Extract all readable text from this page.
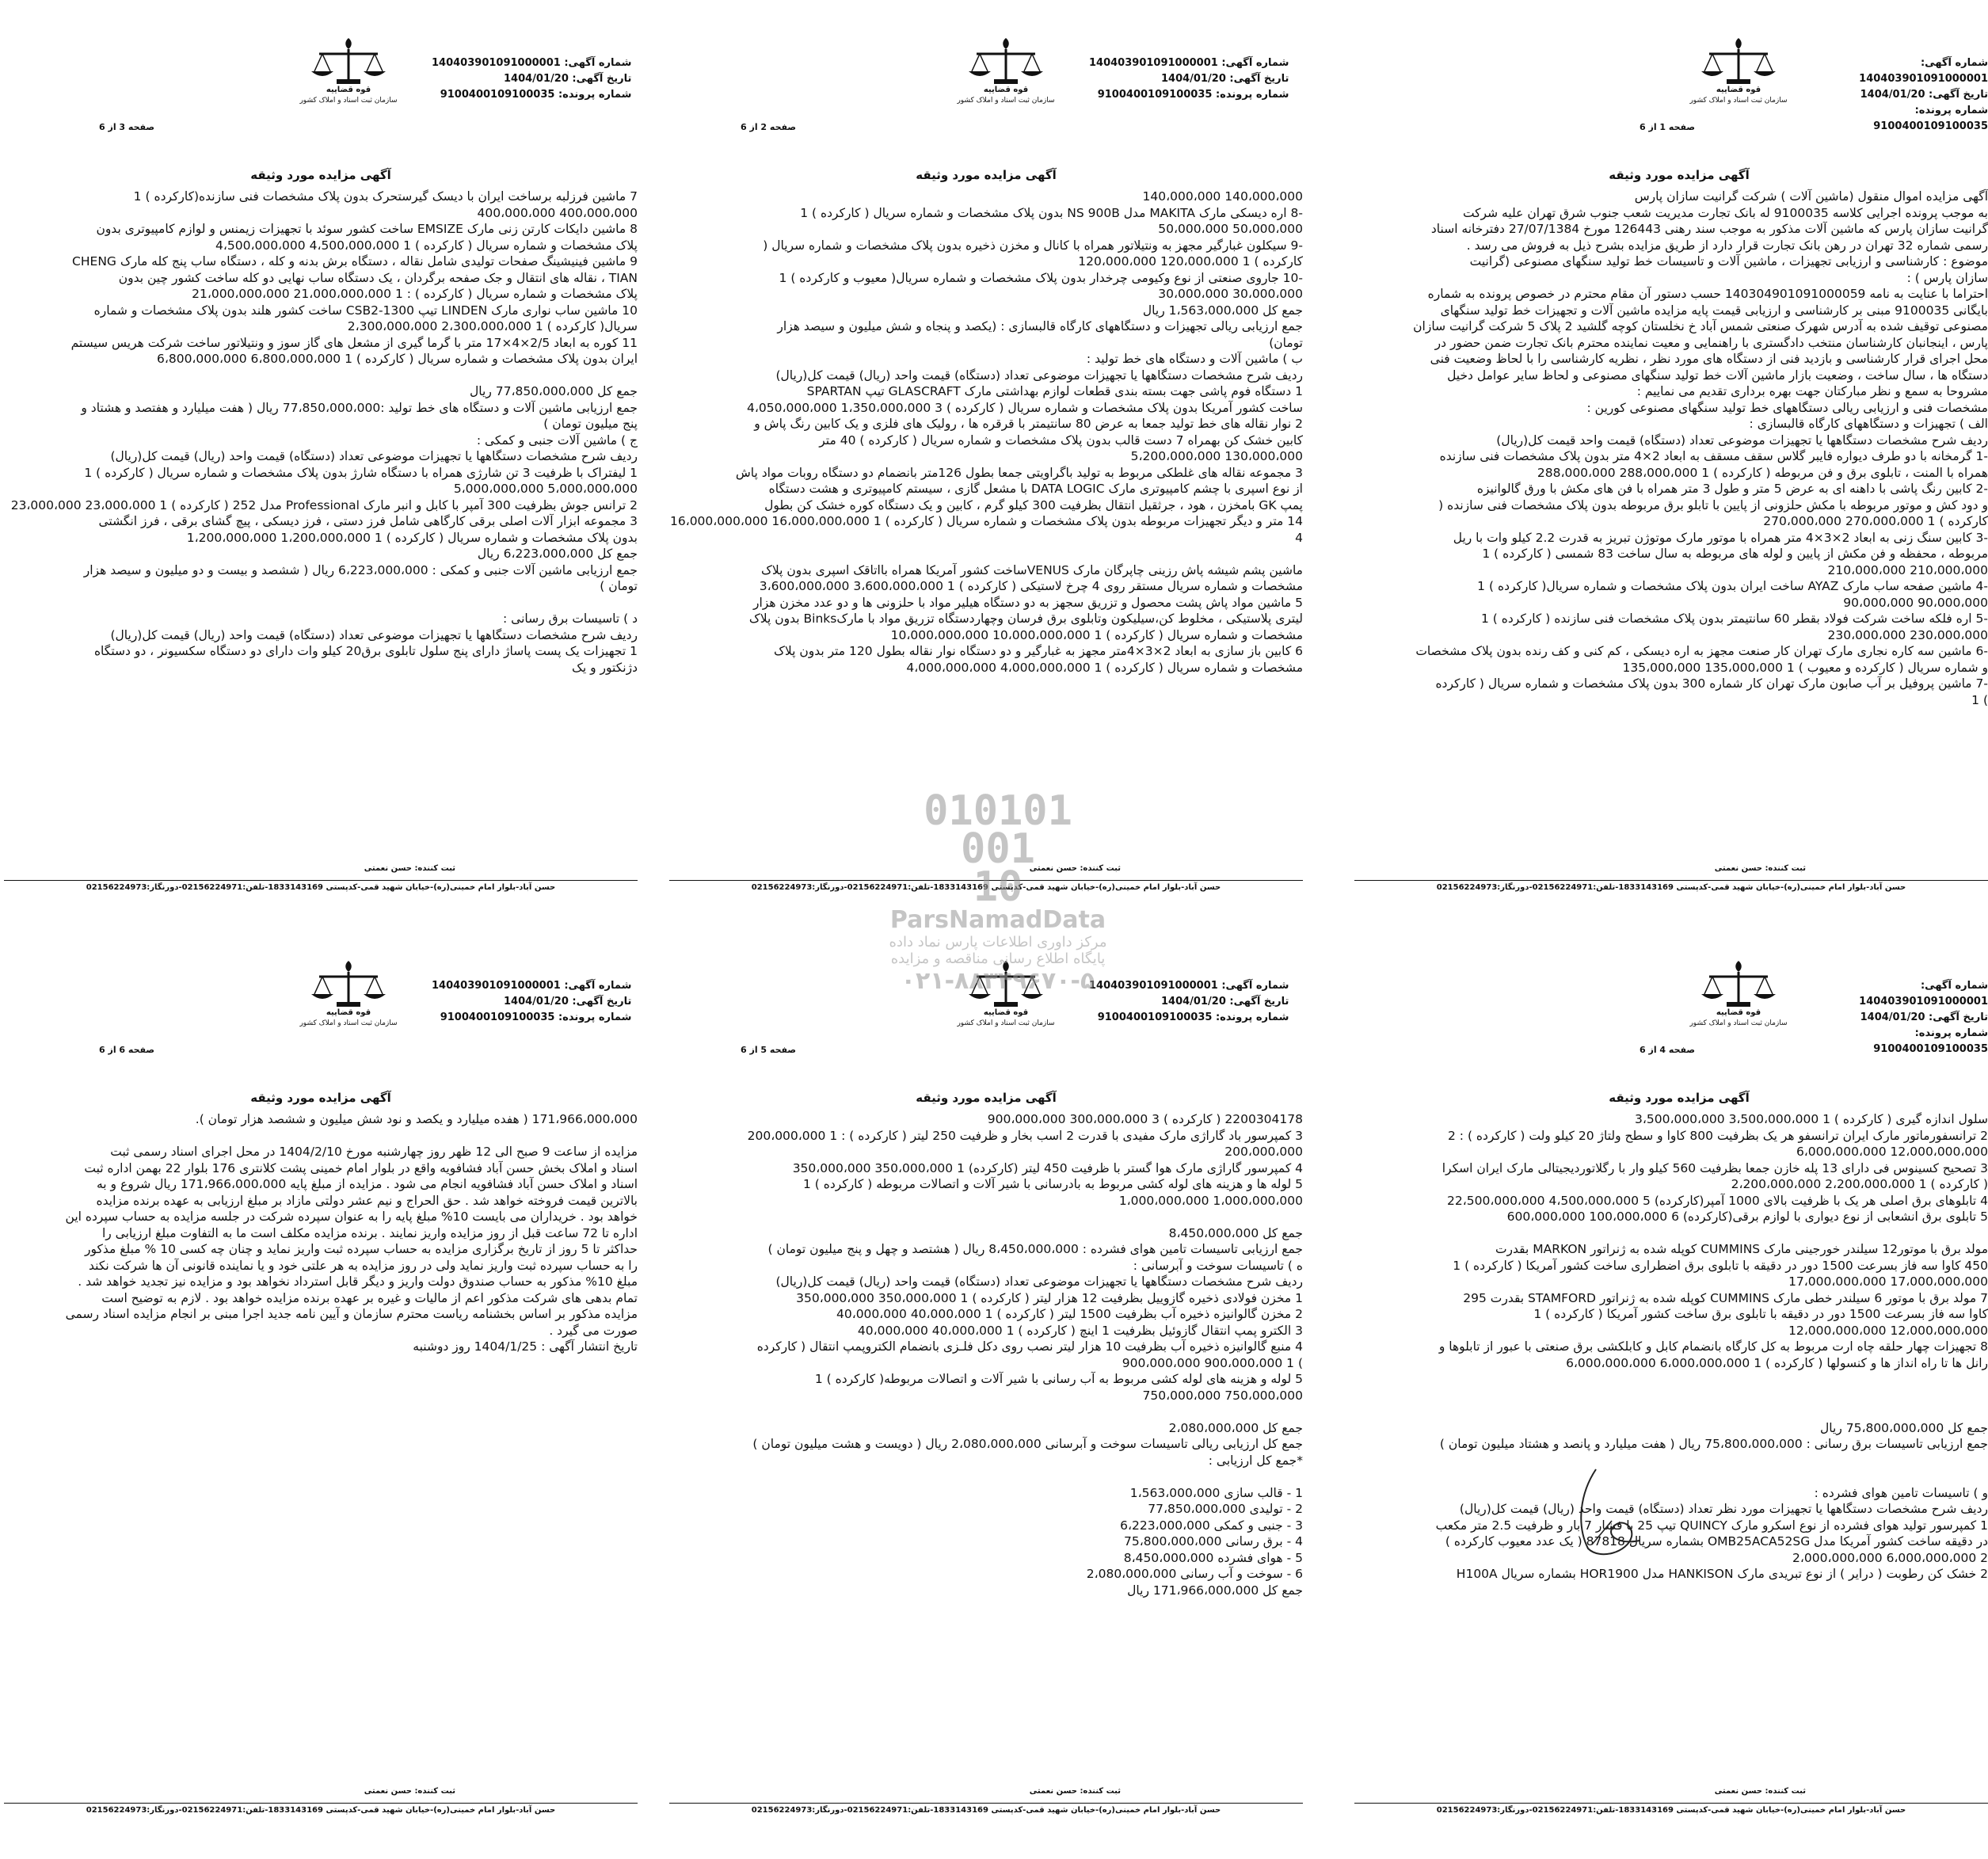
شماره آگهی: 140403901091000001
تاریخ آگهی: 1404/01/20
شماره پرونده: 9100400109100035
قوه قضاییه
سازمان ثبت اسناد و املاک کشور
صفحه 1 از 6
آگهی مزایده مورد وثیقه
آگهی مزایده اموال منقول (ماشین آلات ) شرکت گرانیت سازان پارس
به موجب پرونده اجرایی کلاسه 9100035 له بانک تجارت مدیریت شعب جنوب شرق تهران علیه شرکت
گرانیت سازان پارس که ماشین آلات مذکور به موجب سند رهنی 126443 مورخ 27/07/1384 دفترخانه اسناد
رسمی شماره 32 تهران در رهن بانک تجارت قرار دارد از طریق مزایده بشرح ذیل به فروش می رسد .
موضوع : کارشناسی و ارزیابی تجهیزات ، ماشین آلات و تاسیسات خط تولید سنگهای مصنوعی (گرانیت
سازان پارس ) :
احتراما با عنایت به نامه 140304901091000059 حسب دستور آن مقام محترم در خصوص پرونده به شماره
بایگانی 9100035 مبنی بر کارشناسی و ارزیابی قیمت پایه مزایده ماشین آلات و تجهیزات خط تولید سنگهای
مصنوعی توقیف شده به آدرس شهرک صنعتی شمس آباد خ نخلستان کوچه گلشید 2 پلاک 5 شرکت گرانیت سازان
پارس ، اینجانبان کارشناسان منتخب دادگستری با راهنمایی و معیت نماینده محترم بانک تجارت ضمن حضور در
محل اجرای قرار کارشناسی و بازدید فنی از دستگاه های مورد نظر ، نظریه کارشناسی را با لحاظ وضعیت فنی
دستگاه ها ، سال ساخت ، وضعیت بازار ماشین آلات خط تولید سنگهای مصنوعی و لحاظ سایر عوامل دخیل
مشروحا به سمع و نظر مبارکتان جهت بهره برداری تقدیم می نماییم :
مشخصات فنی و ارزیابی ریالی دستگاههای خط تولید سنگهای مصنوعی کورین :
الف ) تجهیزات و دستگاههای کارگاه قالبسازی :
ردیف شرح مشخصات دستگاهها یا تجهیزات موضوعی تعداد (دستگاه) قیمت واحد قیمت کل(ریال)
-1 گرمخانه با دو طرف دیواره فایبر گلاس سقف مسقف به ابعاد 2×4 متر بدون پلاک مشخصات فنی سازنده
همراه با المنت ، تابلوی برق و فن مربوطه ( کارکرده ) 1 288،000،000 288،000،000
-2 کابین رنگ پاشی با داهنه ای به عرض 5 متر و طول 3 متر همراه با فن های مکش با ورق گالوانیزه
و دود کش و موتور مربوطه با مکش حلزونی از پایین با تابلو برق مربوطه بدون پلاک مشخصات فنی سازنده (
کارکرده ) 1 270،000،000 270،000،000
-3 کابین سنگ زنی به ابعاد 2×3×4 متر همراه با موتور مارک موتوژن تبریز به قدرت 2.2 کیلو وات با ریل
مربوطه ، محفظه و فن مکش از پایین و لوله های مربوطه به سال ساخت 83 شمسی ( کارکرده ) 1
210،000،000 210،000،000
-4 ماشین صفحه ساب مارک AYAZ ساخت ایران بدون پلاک مشخصات و شماره سریال( کارکرده ) 1
90،000،000 90،000،000
-5 اره فلکه ساخت شرکت فولاد بقطر 60 سانتیمتر بدون پلاک مشخصات فنی سازنده ( کارکرده ) 1
230،000،000 230،000،000
-6 ماشین سه کاره نجاری مارک تهران کار صنعت مجهز به اره دیسکی ، کم کنی و کف رنده بدون پلاک مشخصات
و شماره سریال ( کارکرده و معیوب ) 1 135،000،000 135،000،000
-7 ماشین پروفیل بر آب صابون مارک تهران کار شماره 300 بدون پلاک مشخصات و شماره سریال ( کارکرده
) 1
ثبت کننده: حسن نعمتی
حسن آباد-بلوار امام خمینی(ره)-خیابان شهید قمی-کدپستی 1833143169-تلفن:02156224971-دورنگار:02156224973
شماره آگهی: 140403901091000001
تاریخ آگهی: 1404/01/20
شماره پرونده: 9100400109100035
قوه قضاییه
سازمان ثبت اسناد و املاک کشور
صفحه 2 از 6
آگهی مزایده مورد وثیقه
140،000،000 140،000،000
-8 اره دیسکی مارک MAKITA مدل NS 900B بدون پلاک مشخصات و شماره سریال ( کارکرده ) 1
50،000،000 50،000،000
-9 سیکلون غبارگیر مجهز به ونتیلاتور همراه با کانال و مخزن ذخیره بدون پلاک مشخصات و شماره سریال (
کارکرده ) 1 120،000،000 120،000،000
-10 جاروی صنعتی از نوع وکیومی چرخدار بدون پلاک مشخصات و شماره سریال( معیوب و کارکرده ) 1
30،000،000 30،000،000
جمع کل 1،563،000،000 ریال
جمع ارزیابی ریالی تجهیزات و دستگاههای کارگاه قالبسازی : (یکصد و پنجاه و شش میلیون و سیصد هزار
تومان)
ب ) ماشین آلات و دستگاه های خط تولید :
ردیف شرح مشخصات دستگاهها یا تجهیزات موضوعی تعداد (دستگاه) قیمت واحد (ریال) قیمت کل(ریال)
1 دستگاه فوم پاشی جهت بسته بندی قطعات لوازم بهداشتی مارک GLASCRAFT تیپ SPARTAN
ساخت کشور آمریکا بدون پلاک مشخصات و شماره سریال ( کارکرده ) 3 1،350،000،000 4،050،000،000
2 نوار نقاله های خط تولید جمعا به عرض 80 سانتیمتر با قرقره ها ، رولیک های فلزی و یک کابین رنگ پاش و
کابین خشک کن بهمراه 7 دست قالب بدون پلاک مشخصات و شماره سریال ( کارکرده ) 40 متر
130،000،000 5،200،000،000
3 مجموعه نقاله های غلطکی مربوط به تولید باگراویتی جمعا بطول 126متر بانضمام دو دستگاه روبات مواد پاش
از نوع اسپری با چشم کامپیوتری مارک DATA LOGIC با مشعل گازی ، سیستم کامپیوتری و هشت دستگاه
پمپ GK بامخزن ، هود ، جرثقیل انتقال بظرفیت 300 کیلو گرم ، کابین و یک دستگاه کوره خشک کن بطول
14 متر و دیگر تجهیزات مربوطه بدون پلاک مشخصات و شماره سریال ( کارکرده ) 1 16،000،000،000 16،000،000،000
4

ماشین پشم شیشه پاش رزینی چاپرگان مارک VENUSساخت کشور آمریکا همراه بااتاقک اسپری بدون پلاک
مشخصات و شماره سریال مستقر روی 4 چرخ لاستیکی ( کارکرده ) 1 3،600،000،000 3،600،000،000
5 ماشین مواد پاش پشت محصول و تزریق سجهز به دو دستگاه هیلیر مواد با حلزونی ها و دو عدد مخزن هزار
لیتری پلاستیکی ، مخلوط کن،سیلیکون وتابلوی برق فرسان وچهاردستگاه تزریق مواد با مارکBinks بدون پلاک
مشخصات و شماره سریال ( کارکرده ) 1 10،000،000،000 10،000،000،000
6 کابین باز سازی به ابعاد 2×3×4متر مجهز به غبارگیر و دو دستگاه نوار نقاله بطول 120 متر بدون پلاک
مشخصات و شماره سریال ( کارکرده ) 1 4،000،000،000 4،000،000،000
ثبت کننده: حسن نعمتی
حسن آباد-بلوار امام خمینی(ره)-خیابان شهید قمی-کدپستی 1833143169-تلفن:02156224971-دورنگار:02156224973
شماره آگهی: 140403901091000001
تاریخ آگهی: 1404/01/20
شماره پرونده: 9100400109100035
قوه قضاییه
سازمان ثبت اسناد و املاک کشور
صفحه 3 از 6
آگهی مزایده مورد وثیقه
7 ماشین فرزلبه برساخت ایران با دیسک گیرستحرک بدون پلاک مشخصات فنی سازنده(کارکرده ) 1
400،000،000 400،000،000
8 ماشین دایکات کارتن زنی مارک EMSIZE ساخت کشور سوئد با تجهیزات زیمنس و لوازم کامپیوتری بدون
پلاک مشخصات و شماره سریال ( کارکرده ) 1 4،500،000،000 4،500،000،000
9 ماشین فینیشینگ صفحات تولیدی شامل نقاله ، دستگاه برش بدنه و کله ، دستگاه ساب پنج کله مارک CHENG
TIAN ، نقاله های انتقال و جک صفحه برگردان ، یک دستگاه ساب نهایی دو کله ساخت کشور چین بدون
پلاک مشخصات و شماره سریال ( کارکرده ) : 1 21،000،000،000 21،000،000،000
10 ماشین ساب نواری مارک LINDEN تیپ CSB2-1300 ساخت کشور هلند بدون پلاک مشخصات و شماره
سریال( کارکرده ) 1 2،300،000،000 2،300،000،000
11 کوره به ابعاد 2/5×4×17 متر با گرما گیری از مشعل های گاز سوز و ونتیلاتور ساخت شرکت هریس سیستم
ایران بدون پلاک مشخصات و شماره سریال ( کارکرده ) 1 6،800،000،000 6،800،000،000

جمع کل 77،850،000،000 ریال
جمع ارزیابی ماشین آلات و دستگاه های خط تولید :77،850،000،000 ریال ( هفت میلیارد و هفتصد و هشتاد و
پنج میلیون تومان )
ج ) ماشین آلات جنبی و کمکی :
ردیف شرح مشخصات دستگاهها یا تجهیزات موضوعی تعداد (دستگاه) قیمت واحد (ریال) قیمت کل(ریال)
1 لیفتراک با ظرفیت 3 تن شارژی همراه با دستگاه شارژ بدون پلاک مشخصات و شماره سریال ( کارکرده ) 1
5،000،000،000 5،000،000،000
2 ترانس جوش بظرفیت 300 آمپر با کابل و انبر مارک Professional مدل 252 ( کارکرده ) 1 23،000،000 23،000،000
3 مجموعه ابزار آلات اصلی برقی کارگاهی شامل فرز دستی ، فرز دیسکی ، پیچ گشای برقی ، فرز انگشتی
بدون پلاک مشخصات و شماره سریال ( کارکرده ) 1 1،200،000،000 1،200،000،000
جمع کل 6،223،000،000 ریال
جمع ارزیابی ماشین آلات جنبی و کمکی : 6،223،000،000 ریال ( ششصد و بیست و دو میلیون و سیصد هزار
تومان )

د ) تاسیسات برق رسانی :
ردیف شرح مشخصات دستگاهها یا تجهیزات موضوعی تعداد (دستگاه) قیمت واحد (ریال) قیمت کل(ریال)
1 تجهیزات یک پست پاساژ دارای پنج سلول تابلوی برق20 کیلو وات دارای دو دستگاه سکسیونر ، دو دستگاه
دژنکتور و یک
ثبت کننده: حسن نعمتی
حسن آباد-بلوار امام خمینی(ره)-خیابان شهید قمی-کدپستی 1833143169-تلفن:02156224971-دورنگار:02156224973
شماره آگهی: 140403901091000001
تاریخ آگهی: 1404/01/20
شماره پرونده: 9100400109100035
قوه قضاییه
سازمان ثبت اسناد و املاک کشور
صفحه 4 از 6
آگهی مزایده مورد وثیقه
سلول اندازه گیری ( کارکرده ) 1 3،500،000،000 3،500،000،000
2 ترانسفورماتور مارک ایران ترانسفو هر یک بظرفیت 800 کاوا و سطح ولتاژ 20 کیلو ولت ( کارکرده ) : 2
12،000،000،000 6،000،000،000
3 تصحیح کسینوس فی دارای 13 پله خازن جمعا بظرفیت 560 کیلو وار با رگلاتوردیجیتالی مارک ایران اسکرا
( کارکرده ) 1 2،200،000،000 2،200،000،000
4 تابلوهای برق اصلی هر یک با ظرفیت بالای 1000 آمپر(کارکرده) 5 4،500،000،000 22،500،000،000
5 تابلوی برق انشعابی از نوع دیواری با لوازم برقی(کارکرده) 6 100،000،000 600،000،000

مولد برق با موتور12 سیلندر خورجینی مارک CUMMINS کوپله شده به ژنراتور MARKON بقدرت
450 کاوا سه فاز بسرعت 1500 دور در دقیقه با تابلوی برق اضطراری ساخت کشور آمریکا ( کارکرده ) 1
17،000،000،000 17،000،000،000
7 مولد برق با موتور 6 سیلندر خطی مارک CUMMINS کوپله شده به ژنراتور STAMFORD بقدرت 295
کاوا سه فاز بسرعت 1500 دور در دقیقه با تابلوی برق ساخت کشور آمریکا ( کارکرده ) 1
12،000،000،000 12،000،000،000
8 تجهیزات چهار حلقه چاه ارت مربوط به کل کارگاه بانضمام کابل و کابلکشی برق صنعتی با عبور از تابلوها و
رانل ها تا راه انداز ها و کنسولها ( کارکرده ) 1 6،000،000،000 6،000،000،000

جمع کل 75،800،000،000 ریال
جمع ارزیابی تاسیسات برق رسانی : 75،800،000،000 ریال ( هفت میلیارد و پانصد و هشتاد میلیون تومان )

و ) تاسیسات تامین هوای فشرده :
ردیف شرح مشخصات دستگاهها یا تجهیزات مورد نظر تعداد (دستگاه) قیمت واحد (ریال) قیمت کل(ریال)
1 کمپرسور تولید هوای فشرده از نوع اسکرو مارک QUINCY تیپ 25 با فشار 7 بار و ظرفیت 2.5 متر مکعب
در دقیقه ساخت کشور آمریکا مدل OMB25ACA52SG بشماره سریال 87818 ( یک عدد معیوب کارکرده )
2 6،000،000،000 2،000،000،000
2 خشک کن رطوبت ( درایر ) از نوع تبریدی مارک HANKISON مدل HOR1900 بشماره سریال H100A
ثبت کننده: حسن نعمتی
حسن آباد-بلوار امام خمینی(ره)-خیابان شهید قمی-کدپستی 1833143169-تلفن:02156224971-دورنگار:02156224973
شماره آگهی: 140403901091000001
تاریخ آگهی: 1404/01/20
شماره پرونده: 9100400109100035
قوه قضاییه
سازمان ثبت اسناد و املاک کشور
صفحه 5 از 6
آگهی مزایده مورد وثیقه
2200304178 ( کارکرده ) 3 300،000،000 900،000،000
3 کمپرسور باد گاراژی مارک مفیدی با قدرت 2 اسب بخار و ظرفیت 250 لیتر ( کارکرده ) : 1 200،000،000
200،000،000
4 کمپرسور گاراژی مارک هوا گستر با ظرفیت 450 لیتر (کارکرده) 1 350،000،000 350،000،000
5 لوله ها و هزینه های لوله کشی مربوط به بادرسانی با شیر آلات و اتصالات مربوطه ( کارکرده ) 1
1،000،000،000 1،000،000،000

جمع کل 8،450،000،000
جمع ارزیابی تاسیسات تامین هوای فشرده : 8،450،000،000 ریال ( هشتصد و چهل و پنج میلیون تومان )
ه ) تاسیسات سوخت و آبرسانی :
ردیف شرح مشخصات دستگاهها یا تجهیزات موضوعی تعداد (دستگاه) قیمت واحد (ریال) قیمت کل(ریال)
1 مخزن فولادی ذخیره گازوییل بظرفیت 12 هزار لیتر ( کارکرده ) 1 350،000،000 350،000،000
2 مخزن گالوانیزه ذخیره آب بظرفیت 1500 لیتر ( کارکرده ) 1 40،000،000 40،000،000
3 الکترو پمپ انتقال گازوئیل بظرفیت 1 اینچ ( کارکرده ) 1 40،000،000 40،000،000
4 منبع گالوانیزه ذخیره آب بظرفیت 10 هزار لیتر نصب روی دکل فلـزی بانضمام الکتروپمپ انتقال ( کارکرده
) 1 900،000،000 900،000،000
5 لوله و هزینه های لوله کشی مربوط به آب رسانی با شیر آلات و اتصالات مربوطه( کارکرده ) 1
750،000،000 750،000،000

جمع کل 2،080،000،000
جمع کل ارزیابی ریالی تاسیسات سوخت و آبرسانی 2،080،000،000 ریال ( دویست و هشت میلیون تومان )
*جمع کل ارزیابی :

1 - قالب سازی 1،563،000،000
2 - تولیدی 77،850،000،000
3 - جنبی و کمکی 6،223،000،000
4 - برق رسانی 75،800،000،000
5 - هوای فشرده 8،450،000،000
6 - سوخت و آب رسانی 2،080،000،000
جمع کل 171،966،000،000 ریال
ثبت کننده: حسن نعمتی
حسن آباد-بلوار امام خمینی(ره)-خیابان شهید قمی-کدپستی 1833143169-تلفن:02156224971-دورنگار:02156224973
شماره آگهی: 140403901091000001
تاریخ آگهی: 1404/01/20
شماره پرونده: 9100400109100035
قوه قضاییه
سازمان ثبت اسناد و املاک کشور
صفحه 6 از 6
آگهی مزایده مورد وثیقه
171،966،000،000 ( هفده میلیارد و یکصد و نود شش میلیون و ششصد هزار تومان ).

مزایده از ساعت 9 صبح الی 12 ظهر روز چهارشنبه مورخ 1404/2/10 در محل اجرای اسناد رسمی ثبت
اسناد و املاک بخش حسن آباد فشافویه واقع در بلوار امام خمینی پشت کلانتری 176 بلوار 22 بهمن اداره ثبت
اسناد و املاک حسن آباد فشافویه انجام می شود . مزایده از مبلغ پایه 171،966،000،000 ریال شروع و به
بالاترین قیمت فروخته خواهد شد . حق الحراج و نیم عشر دولتی مازاد بر مبلغ ارزیابی به عهده برنده مزایده
خواهد بود . خریداران می بایست 10% مبلغ پایه را به عنوان سپرده شرکت در جلسه مزایده به حساب سپرده این
اداره تا 72 ساعت قبل از روز مزایده واریز نمایند . برنده مزایده مکلف است ما به التفاوت مبلغ ارزیابی را
حداکثر تا 5 روز از تاریخ برگزاری مزایده به حساب سپرده ثبت واریز نماید و چنان چه کسی 10 % مبلغ مذکور
را به حساب سپرده ثبت واریز نماید ولی در روز مزایده به هر علتی خود و یا نماینده قانونی آن ها شرکت نکند
مبلغ 10% مذکور به حساب صندوق دولت واریز و دیگر قابل استرداد نخواهد بود و مزایده نیز تجدید خواهد شد .
تمام بدهی های شرکت مذکور اعم از مالیات و غیره بر عهده برنده مزایده خواهد بود . لازم به توضیح است
مزایده مذکور بر اساس بخشنامه ریاست محترم سازمان و آیین نامه جدید اجرا مبنی بر انجام مزایده اسناد رسمی
صورت می گیرد .
تاریخ انتشار آگهی : 1404/1/25 روز دوشنبه
ثبت کننده: حسن نعمتی
حسن آباد-بلوار امام خمینی(ره)-خیابان شهید قمی-کدپستی 1833143169-تلفن:02156224971-دورنگار:02156224973
010101
001
10
ParsNamadData
مرکز داوری اطلاعات پارس نماد داده
پایگاه اطلاع رسانی مناقصه و مزایده
۰۲۱-۸۸۳۴۹۶۷۰-۵
